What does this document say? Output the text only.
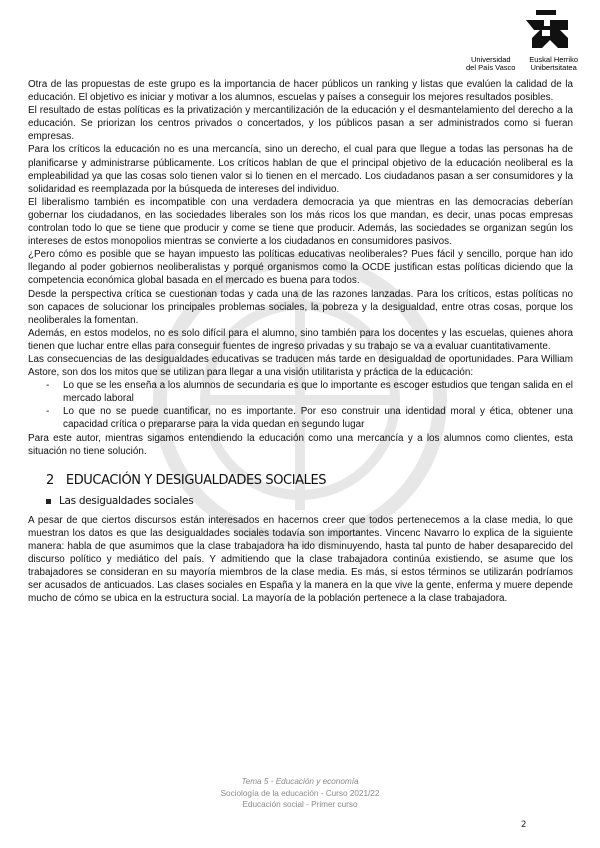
Universidad
del País Vasco
Euskal Herriko
Unibertsitatea

Otra de las propuestas de este grupo es la importancia de hacer públicos un ranking y listas que evalúen la calidad de la educación. El objetivo es iniciar y motivar a los alumnos, escuelas y países a conseguir los mejores resultados posibles.

El resultado de estas políticas es la privatización y mercantilización de la educación y el desmantelamiento del derecho a la educación. Se priorizan los centros privados o concertados, y los públicos pasan a ser administrados como si fueran empresas.

Para los críticos la educación no es una mercancía, sino un derecho, el cual para que llegue a todas las personas ha de planificarse y administrarse públicamente. Los críticos hablan de que el principal objetivo de la educación neoliberal es la empleabilidad ya que las cosas solo tienen valor si lo tienen en el mercado. Los ciudadanos pasan a ser consumidores y la solidaridad es reemplazada por la búsqueda de intereses del individuo.

El liberalismo también es incompatible con una verdadera democracia ya que mientras en las democracias deberían gobernar los ciudadanos, en las sociedades liberales son los más ricos los que mandan, es decir, unas pocas empresas controlan todo lo que se tiene que producir y come se tiene que producir. Además, las sociedades se organizan según los intereses de estos monopolios mientras se convierte a los ciudadanos en consumidores pasivos.

¿Pero cómo es posible que se hayan impuesto las políticas educativas neoliberales? Pues fácil y sencillo, porque han ido llegando al poder gobiernos neoliberalistas y porqué organismos como la OCDE justifican estas políticas diciendo que la competencia económica global basada en el mercado es buena para todos.

Desde la perspectiva crítica se cuestionan todas y cada una de las razones lanzadas. Para los críticos, estas políticas no son capaces de solucionar los principales problemas sociales, la pobreza y la desigualdad, entre otras cosas, porque los neoliberales la fomentan.

Además, en estos modelos, no es solo difícil para el alumno, sino también para los docentes y las escuelas, quienes ahora tienen que luchar entre ellas para conseguir fuentes de ingreso privadas y su trabajo se va a evaluar cuantitativamente.

Las consecuencias de las desigualdades educativas se traducen más tarde en desigualdad de oportunidades. Para William Astore, son dos los mitos que se utilizan para llegar a una visión utilitarista y práctica de la educación:

- Lo que se les enseña a los alumnos de secundaria es que lo importante es escoger estudios que tengan salida en el mercado laboral
- Lo que no se puede cuantificar, no es importante. Por eso construir una identidad moral y ética, obtener una capacidad crítica o prepararse para la vida quedan en segundo lugar

Para este autor, mientras sigamos entendiendo la educación como una mercancía y a los alumnos como clientes, esta situación no tiene solución.

2 EDUCACIÓN Y DESIGUALDADES SOCIALES
Las desigualdades sociales

A pesar de que ciertos discursos están interesados en hacernos creer que todos pertenecemos a la clase media, lo que muestran los datos es que las desigualdades sociales todavía son importantes. Vincenc Navarro lo explica de la siguiente manera: habla de que asumimos que la clase trabajadora ha ido disminuyendo, hasta tal punto de haber desaparecido del discurso político y mediático del país. Y admitiendo que la clase trabajadora continúa existiendo, se asume que los trabajadores se consideran en su mayoría miembros de la clase media. Es más, si estos términos se utilizarán podríamos ser acusados de anticuados. Las clases sociales en España y la manera en la que vive la gente, enferma y muere depende mucho de cómo se ubica en la estructura social. La mayoría de la población pertenece a la clase trabajadora.

Tema 5 - Educación y economía
Sociología de la educación - Curso 2021/22
Educación social - Primer curso
2
